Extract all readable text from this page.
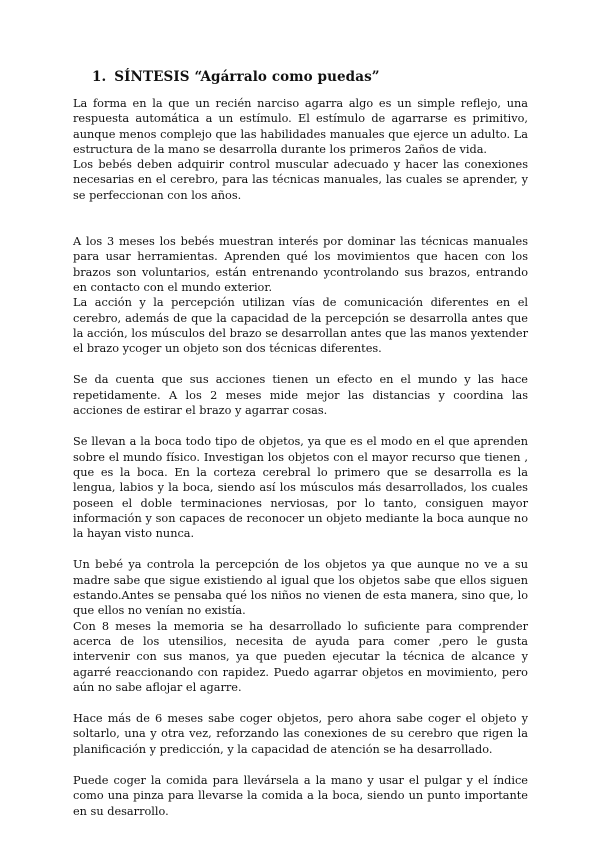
1. SÍNTESIS “Agárralo como puedas”

La forma en la que un recién narciso agarra algo es un simple reflejo, una respuesta automática a un estímulo. El estímulo de agarrarse es primitivo, aunque menos complejo que las habilidades manuales que ejerce un adulto. La estructura de la mano se desarrolla durante los primeros 2años de vida.

Los bebés deben adquirir control muscular adecuado y hacer las conexiones necesarias en el cerebro, para las técnicas manuales, las cuales se aprender, y se perfeccionan con los años.

A los 3 meses los bebés muestran interés por dominar las técnicas manuales para usar herramientas. Aprenden qué los movimientos que hacen con los brazos son voluntarios, están entrenando ycontrolando sus brazos, entrando en contacto con el mundo exterior.

La acción y la percepción utilizan vías de comunicación diferentes en el cerebro, además de que la capacidad de la percepción se desarrolla antes que la acción, los músculos del brazo se desarrollan antes que las manos yextender el brazo ycoger un objeto son dos técnicas diferentes.

Se da cuenta que sus acciones tienen un efecto en el mundo y las hace repetidamente. A los 2 meses mide mejor las distancias y coordina las acciones de estirar el brazo y agarrar cosas.

Se llevan a la boca todo tipo de objetos, ya que es el modo en el que aprenden sobre el mundo físico. Investigan los objetos con el mayor recurso que tienen , que es la boca. En la corteza cerebral lo primero que se desarrolla es la lengua, labios y la boca, siendo así los músculos más desarrollados, los cuales poseen el doble terminaciones nerviosas, por lo tanto, consiguen mayor información y son capaces de reconocer un objeto mediante la boca aunque no la hayan visto nunca.

Un bebé ya controla la percepción de los objetos ya que aunque no ve a su madre sabe que sigue existiendo al igual que los objetos sabe que ellos siguen estando.Antes se pensaba qué los niños no vienen de esta manera, sino que, lo que ellos no venían no existía.

Con 8 meses la memoria se ha desarrollado lo suficiente para comprender acerca de los utensilios, necesita de ayuda para comer ,pero le gusta intervenir con sus manos, ya que pueden ejecutar la técnica de alcance y agarré reaccionando con rapidez. Puedo agarrar objetos en movimiento, pero aún no sabe aflojar el agarre.

Hace más de 6 meses sabe coger objetos, pero ahora sabe coger el objeto y soltarlo, una y otra vez, reforzando las conexiones de su cerebro que rigen la planificación y predicción, y la capacidad de atención se ha desarrollado.

Puede coger la comida para llevársela a la mano y usar el pulgar y el índice como una pinza para llevarse la comida a la boca, siendo un punto importante en su desarrollo.
